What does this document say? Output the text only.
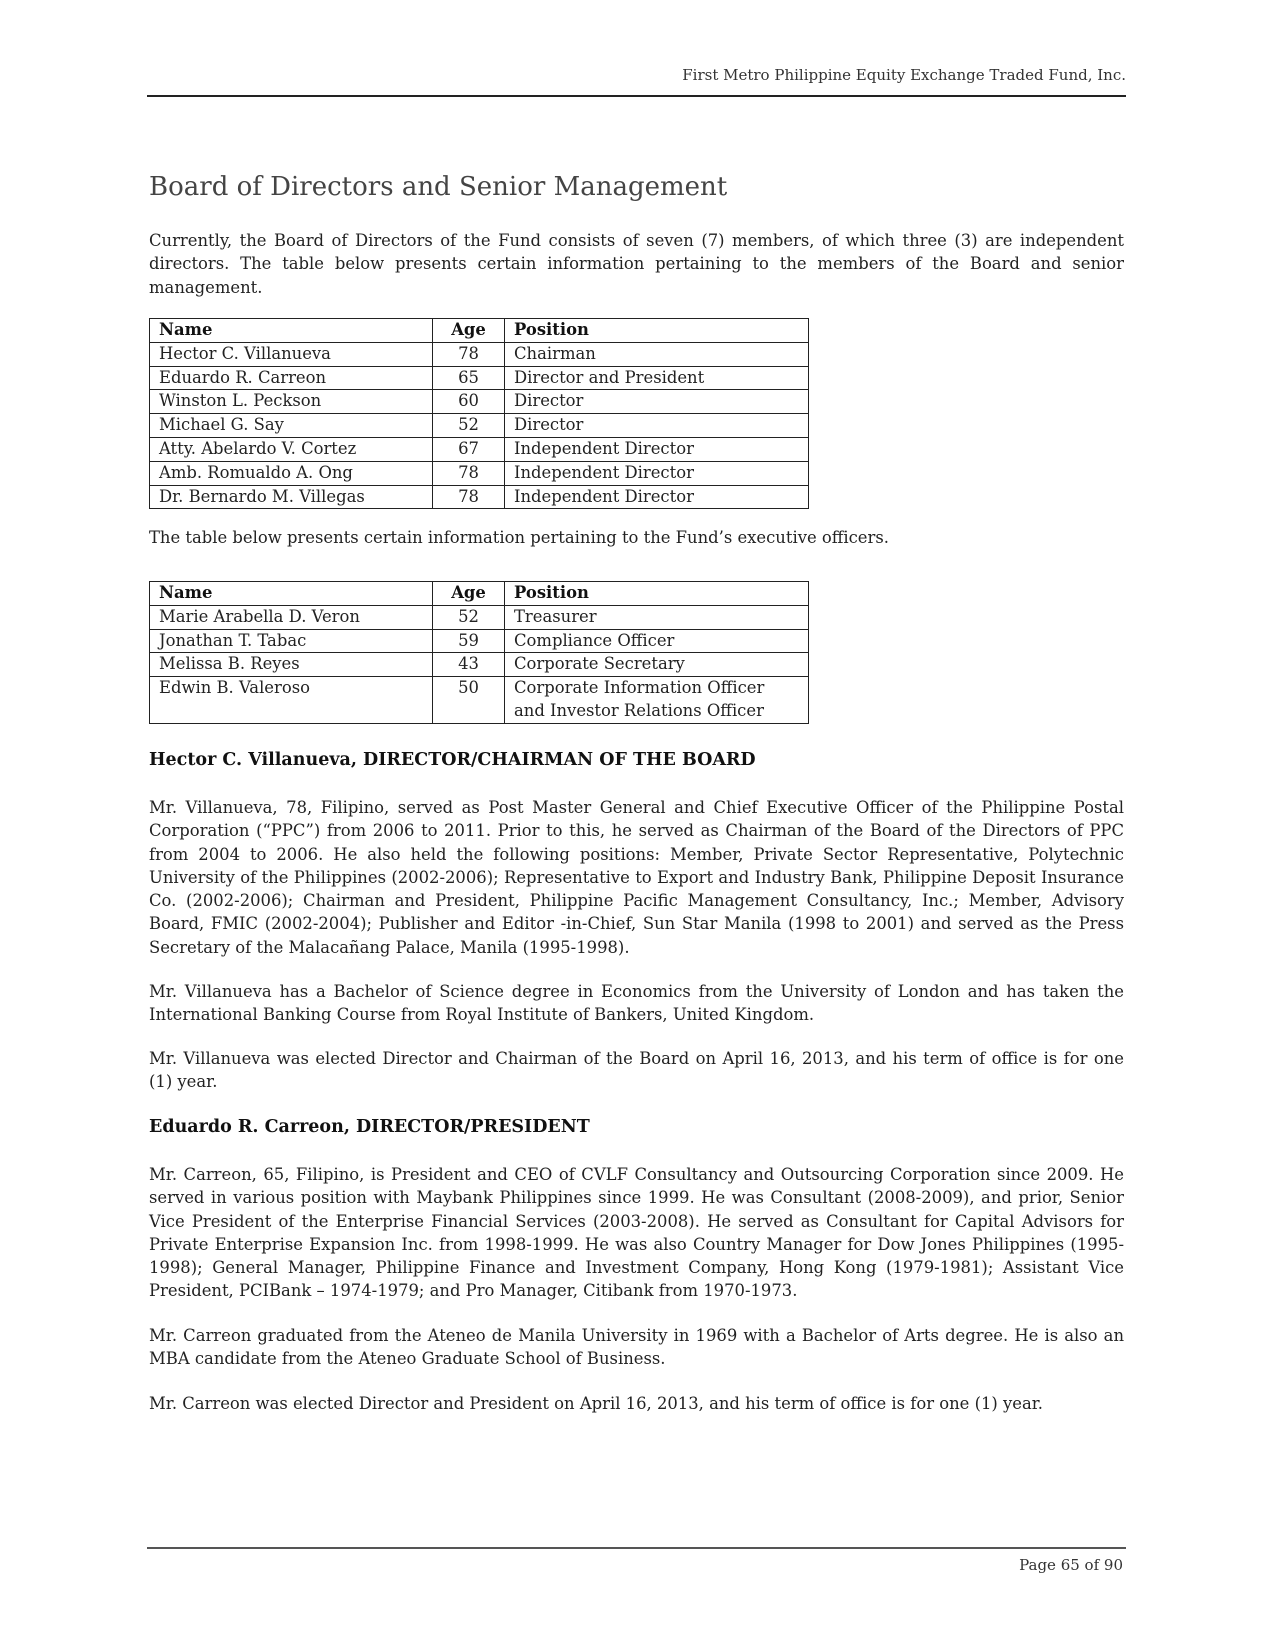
First Metro Philippine Equity Exchange Traded Fund, Inc.
Board of Directors and Senior Management

Currently, the Board of Directors of the Fund consists of seven (7) members, of which three (3) are independent directors. The table below presents certain information pertaining to the members of the Board and senior management.

Name	Age	Position
Hector C. Villanueva	78	Chairman
Eduardo R. Carreon	65	Director and President
Winston L. Peckson	60	Director
Michael G. Say	52	Director
Atty. Abelardo V. Cortez	67	Independent Director
Amb. Romualdo A. Ong	78	Independent Director
Dr. Bernardo M. Villegas	78	Independent Director

The table below presents certain information pertaining to the Fund’s executive officers.

Name	Age	Position
Marie Arabella D. Veron	52	Treasurer
Jonathan T. Tabac	59	Compliance Officer
Melissa B. Reyes	43	Corporate Secretary
Edwin B. Valeroso	50	Corporate Information Officer and Investor Relations Officer
Hector C. Villanueva, DIRECTOR/CHAIRMAN OF THE BOARD

Mr. Villanueva, 78, Filipino, served as Post Master General and Chief Executive Officer of the Philippine Postal Corporation (“PPC”) from 2006 to 2011. Prior to this, he served as Chairman of the Board of the Directors of PPC from 2004 to 2006. He also held the following positions: Member, Private Sector Representative, Polytechnic University of the Philippines (2002-2006); Representative to Export and Industry Bank, Philippine Deposit Insurance Co. (2002-2006); Chairman and President, Philippine Pacific Management Consultancy, Inc.; Member, Advisory Board, FMIC (2002-2004); Publisher and Editor -in-Chief, Sun Star Manila (1998 to 2001) and served as the Press Secretary of the Malacañang Palace, Manila (1995-1998).

Mr. Villanueva has a Bachelor of Science degree in Economics from the University of London and has taken the International Banking Course from Royal Institute of Bankers, United Kingdom.

Mr. Villanueva was elected Director and Chairman of the Board on April 16, 2013, and his term of office is for one (1) year.

Eduardo R. Carreon, DIRECTOR/PRESIDENT

Mr. Carreon, 65, Filipino, is President and CEO of CVLF Consultancy and Outsourcing Corporation since 2009. He served in various position with Maybank Philippines since 1999. He was Consultant (2008-2009), and prior, Senior Vice President of the Enterprise Financial Services (2003-2008). He served as Consultant for Capital Advisors for Private Enterprise Expansion Inc. from 1998-1999. He was also Country Manager for Dow Jones Philippines (1995-1998); General Manager, Philippine Finance and Investment Company, Hong Kong (1979-1981); Assistant Vice President, PCIBank – 1974-1979; and Pro Manager, Citibank from 1970-1973.

Mr. Carreon graduated from the Ateneo de Manila University in 1969 with a Bachelor of Arts degree. He is also an MBA candidate from the Ateneo Graduate School of Business.

Mr. Carreon was elected Director and President on April 16, 2013, and his term of office is for one (1) year.

Page 65 of 90
